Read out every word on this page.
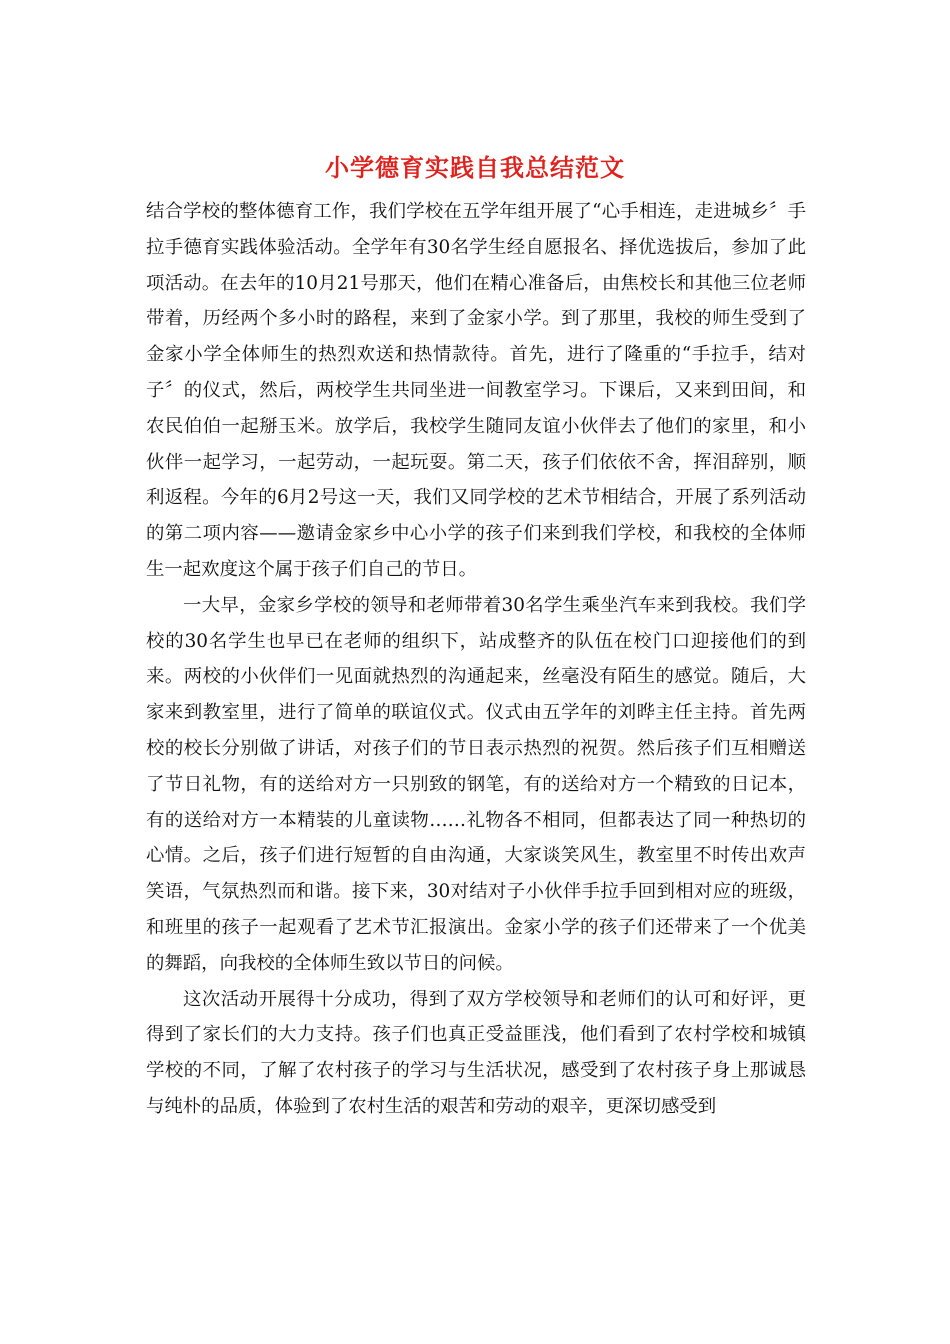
小学德育实践自我总结范文

结合学校的整体德育工作，我们学校在五学年组开展了“心手相连，走进城乡〞手拉手德育实践体验活动。全学年有30名学生经自愿报名、择优选拔后，参加了此项活动。在去年的10月21号那天，他们在精心准备后，由焦校长和其他三位老师带着，历经两个多小时的路程，来到了金家小学。到了那里，我校的师生受到了金家小学全体师生的热烈欢送和热情款待。首先，进行了隆重的“手拉手，结对子〞的仪式，然后，两校学生共同坐进一间教室学习。下课后，又来到田间，和农民伯伯一起掰玉米。放学后，我校学生随同友谊小伙伴去了他们的家里，和小伙伴一起学习，一起劳动，一起玩耍。第二天，孩子们依依不舍，挥泪辞别，顺利返程。今年的6月2号这一天，我们又同学校的艺术节相结合，开展了系列活动的第二项内容——邀请金家乡中心小学的孩子们来到我们学校，和我校的全体师生一起欢度这个属于孩子们自己的节日。

一大早，金家乡学校的领导和老师带着30名学生乘坐汽车来到我校。我们学校的30名学生也早已在老师的组织下，站成整齐的队伍在校门口迎接他们的到来。两校的小伙伴们一见面就热烈的沟通起来，丝毫没有陌生的感觉。随后，大家来到教室里，进行了简单的联谊仪式。仪式由五学年的刘晔主任主持。首先两校的校长分别做了讲话，对孩子们的节日表示热烈的祝贺。然后孩子们互相赠送了节日礼物，有的送给对方一只别致的钢笔，有的送给对方一个精致的日记本，有的送给对方一本精装的儿童读物……礼物各不相同，但都表达了同一种热切的心情。之后，孩子们进行短暂的自由沟通，大家谈笑风生，教室里不时传出欢声笑语，气氛热烈而和谐。接下来，30对结对子小伙伴手拉手回到相对应的班级，和班里的孩子一起观看了艺术节汇报演出。金家小学的孩子们还带来了一个优美的舞蹈，向我校的全体师生致以节日的问候。

这次活动开展得十分成功，得到了双方学校领导和老师们的认可和好评，更得到了家长们的大力支持。孩子们也真正受益匪浅，他们看到了农村学校和城镇学校的不同，了解了农村孩子的学习与生活状况，感受到了农村孩子身上那诚恳与纯朴的品质，体验到了农村生活的艰苦和劳动的艰辛，更深切感受到
